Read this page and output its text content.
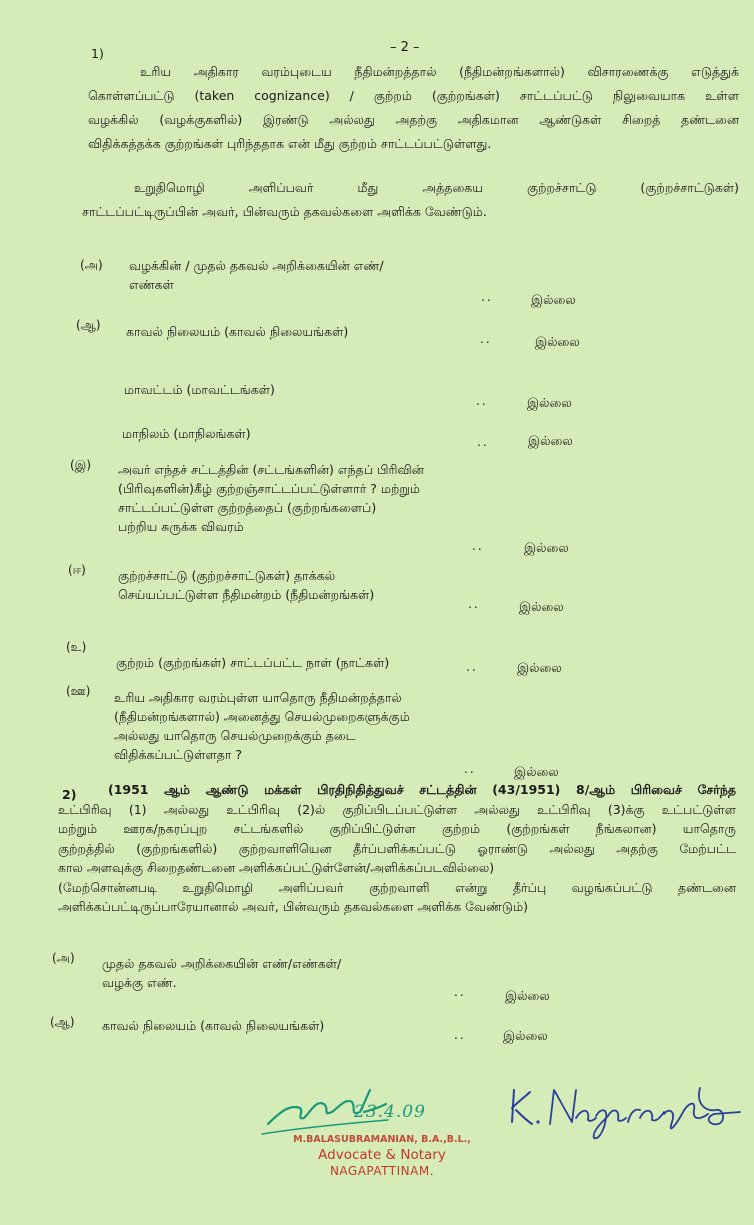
– 2 –
1)
உரிய அதிகார வரம்புடைய நீதிமன்றத்தால் (நீதிமன்றங்களால்) விசாரணைக்கு எடுத்துக்
கொள்ளப்பட்டு (taken cognizance) / குற்றம் (குற்றங்கள்) சாட்டப்பட்டு நிலுவையாக உள்ள
வழக்கில் (வழக்குகளில்) இரண்டு அல்லது அதற்கு அதிகமான ஆண்டுகள் சிறைத் தண்டனை
விதிக்கத்தக்க குற்றங்கள் புரிந்ததாக என் மீது குற்றம் சாட்டப்பட்டுள்ளது.
உறுதிமொழி அளிப்பவர் மீது அத்தகைய குற்றச்சாட்டு (குற்றச்சாட்டுகள்)
சாட்டப்பட்டிருப்பின் அவர், பின்வரும் தகவல்களை அளிக்க வேண்டும்.
(அ) வழக்கின் / முதல் தகவல் அறிக்கையின் எண்/
எண்கள்
..	இல்லை
(ஆ) காவல் நிலையம் (காவல் நிலையங்கள்)	..	இல்லை
மாவட்டம் (மாவட்டங்கள்)
..	இல்லை
மாநிலம் (மாநிலங்கள்)
..	இல்லை
(இ) அவர் எந்தச் சட்டத்தின் (சட்டங்களின்) எந்தப் பிரிவின்
(பிரிவுகளின்)கீழ் குற்றஞ்சாட்டப்பட்டுள்ளார் ? மற்றும்
சாட்டப்பட்டுள்ள குற்றத்தைப் (குற்றங்களைப்)
பற்றிய சுருக்க விவரம்
..	இல்லை
(ஈ)	குற்றச்சாட்டு (குற்றச்சாட்டுகள்) தாக்கல்
செய்யப்பட்டுள்ள நீதிமன்றம் (நீதிமன்றங்கள்)
..	இல்லை
(உ)
குற்றம் (குற்றங்கள்) சாட்டப்பட்ட நாள் (நாட்கள்)	..	இல்லை
(ஊ) உரிய அதிகார வரம்புள்ள யாதொரு நீதிமன்றத்தால்
(நீதிமன்றங்களால்) அனைத்து செயல்முறைகளுக்கும்
அல்லது யாதொரு செயல்முறைக்கும் தடை
விதிக்கப்பட்டுள்ளதா ?
..	இல்லை
2)	(1951 ஆம் ஆண்டு மக்கள் பிரதிநிதித்துவச் சட்டத்தின் (43/1951) 8/ஆம் பிரிவைச் சேர்ந்த
உட்பிரிவு (1) அல்லது உட்பிரிவு (2)ல் குறிப்பிடப்பட்டுள்ள அல்லது உட்பிரிவு (3)க்கு உட்பட்டுள்ள
மற்றும் ஊரக/நகரப்புற சட்டங்களில் குறிப்பிட்டுள்ள குற்றம் (குற்றங்கள் நீங்கலான) யாதொரு
குற்றத்தில் (குற்றங்களில்) குற்றவாளியென தீர்ப்பளிக்கப்பட்டு ஓராண்டு அல்லது அதற்கு மேற்பட்ட
கால அளவுக்கு சிறைதண்டனை அளிக்கப்பட்டுள்ளேன்/அளிக்கப்படவில்லை)
(மேற்சொன்னபடி உறுதிமொழி அளிப்பவர் குற்றவாளி என்று தீர்ப்பு வழங்கப்பட்டு தண்டனை
அளிக்கப்பட்டிருப்பாரேயானால் அவர், பின்வரும் தகவல்களை அளிக்க வேண்டும்)
(அ) முதல் தகவல் அறிக்கையின் எண்/எண்கள்/
வழக்கு எண்.
..	இல்லை
(ஆ) காவல் நிலையம் (காவல் நிலையங்கள்)
..	இல்லை
23.4.09
M.BALASUBRAMANIAN, B.A.,B.L.,
Advocate & Notary
NAGAPATTINAM.
